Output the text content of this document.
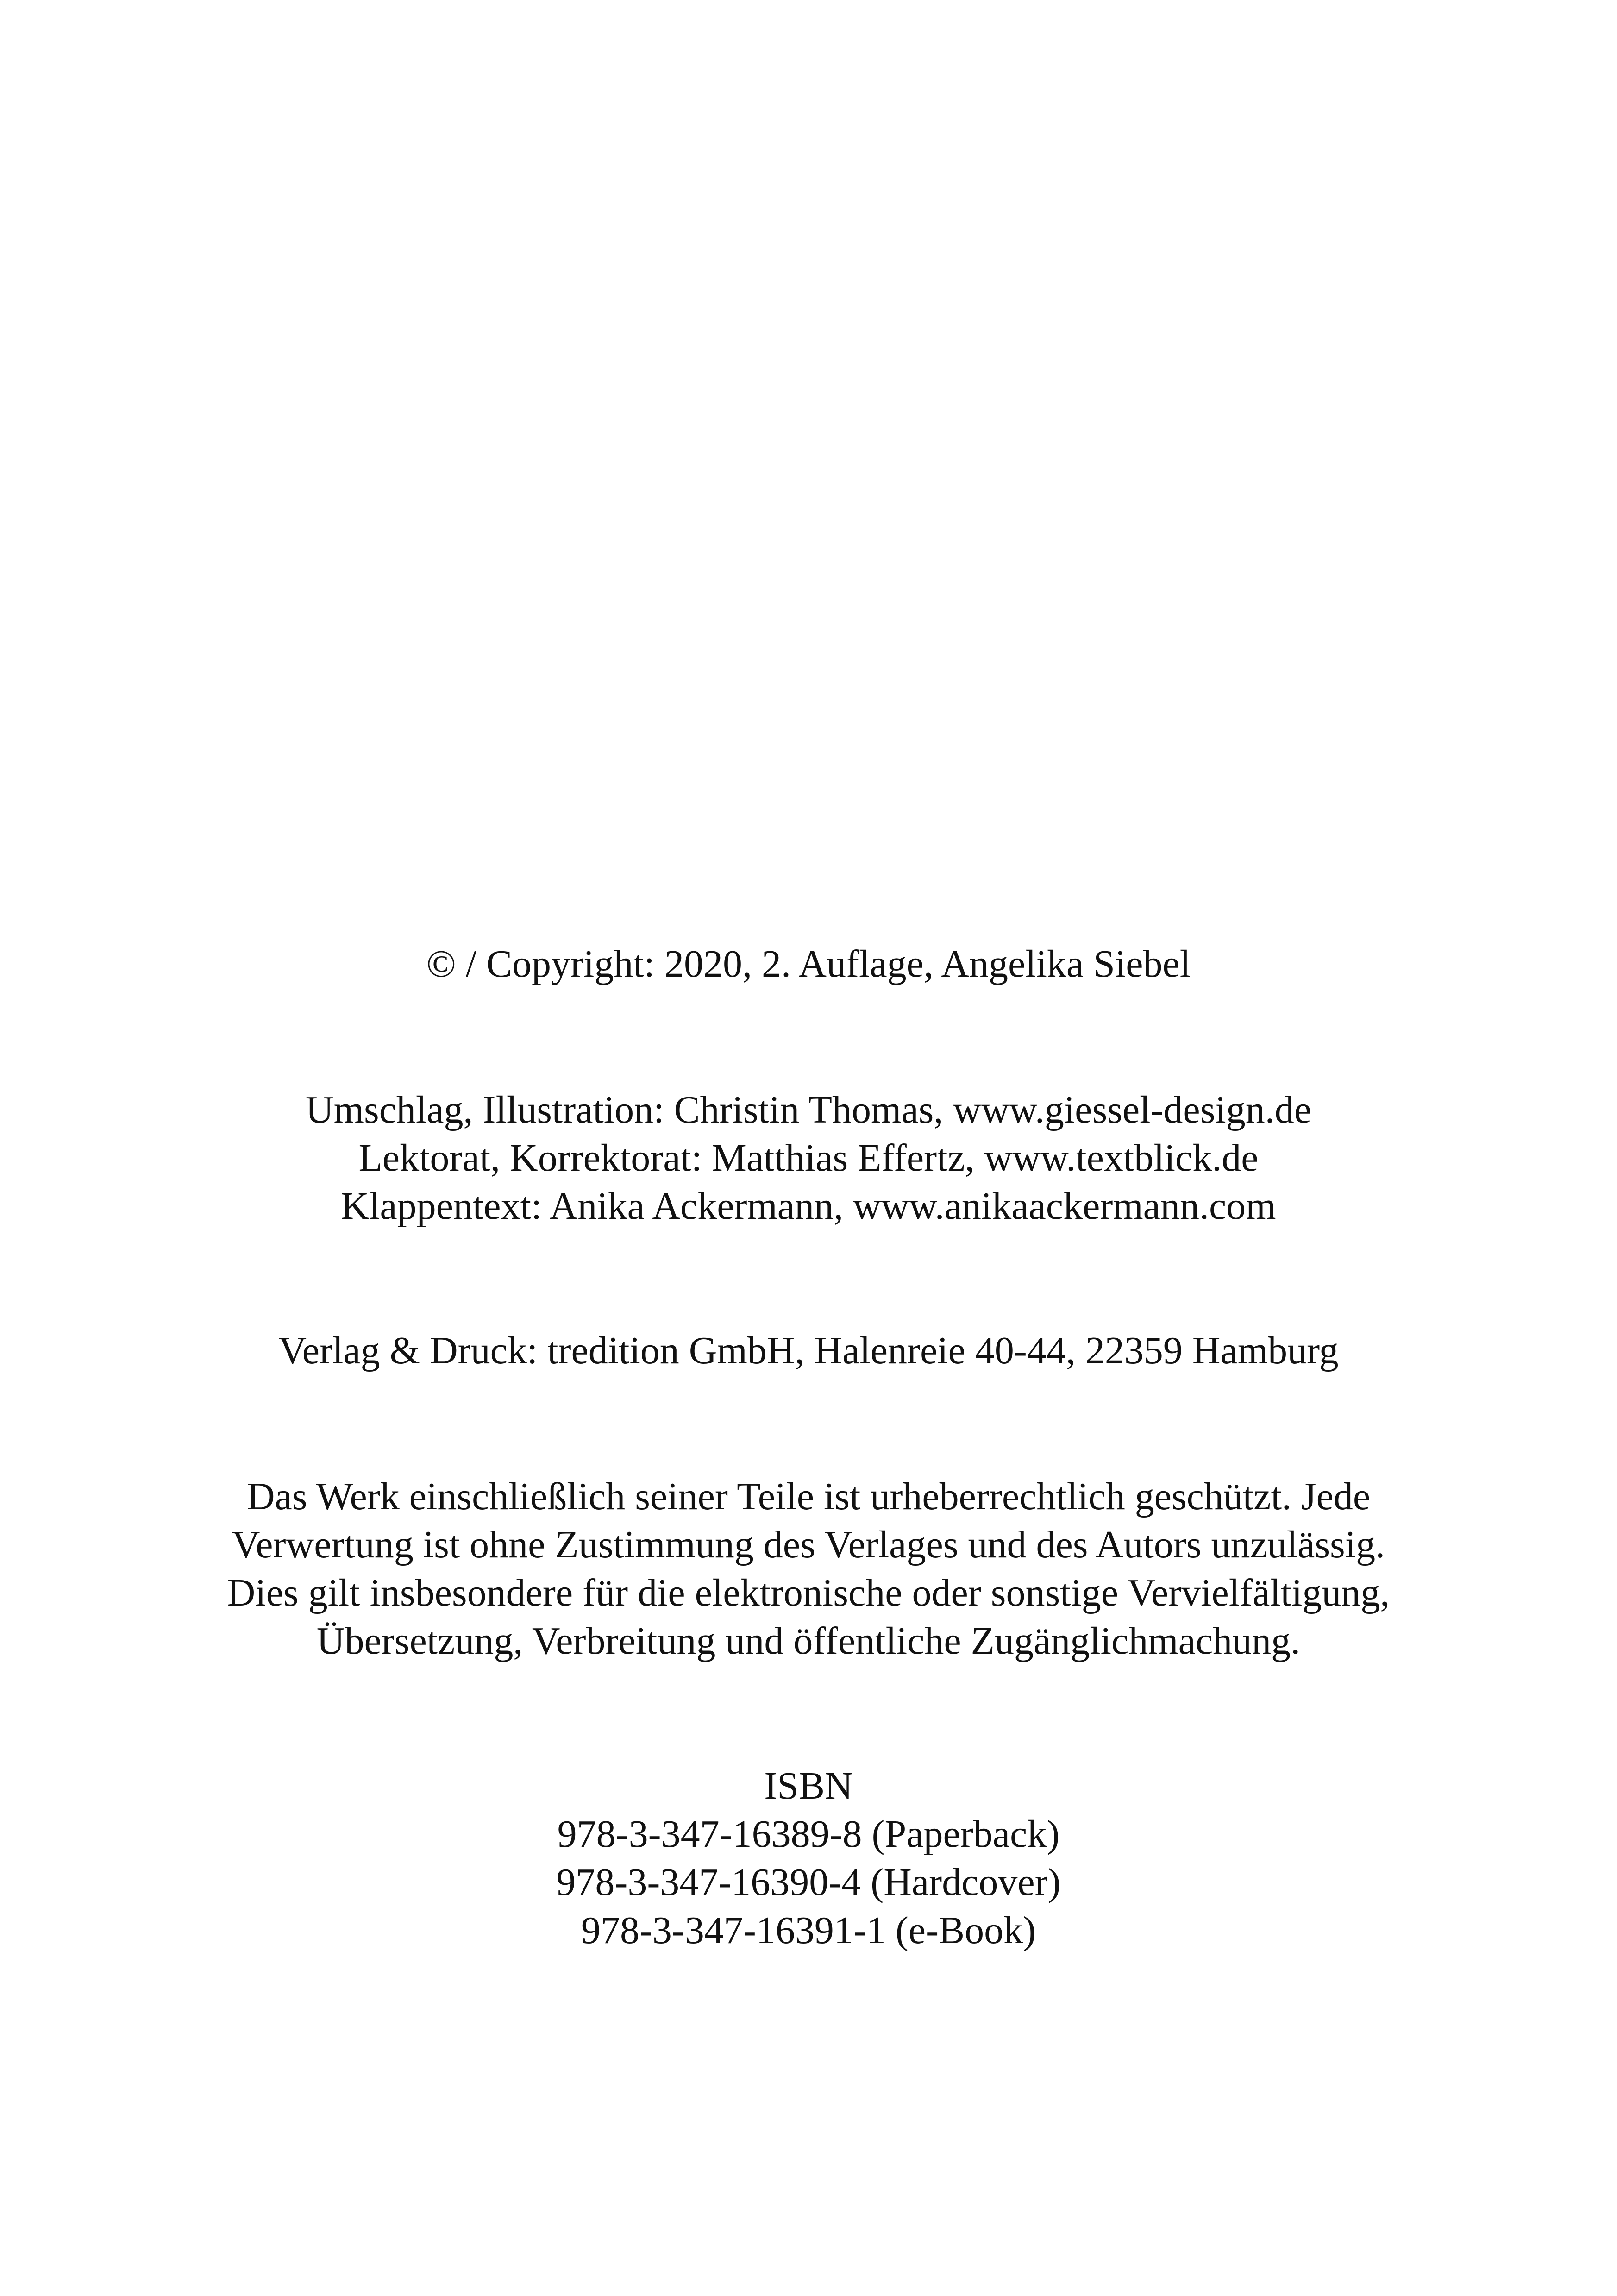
© / Copyright: 2020, 2. Auflage, Angelika Siebel

Umschlag, Illustration: Christin Thomas, www.giessel-design.de
Lektorat, Korrektorat: Matthias Effertz, www.textblick.de
Klappentext: Anika Ackermann, www.anikaackermann.com

Verlag & Druck: tredition GmbH, Halenreie 40-44, 22359 Hamburg

Das Werk einschließlich seiner Teile ist urheberrechtlich geschützt. Jede
Verwertung ist ohne Zustimmung des Verlages und des Autors unzulässig.
Dies gilt insbesondere für die elektronische oder sonstige Vervielfältigung,
Übersetzung, Verbreitung und öffentliche Zugänglichmachung.

ISBN
978-3-347-16389-8 (Paperback)
978-3-347-16390-4 (Hardcover)
978-3-347-16391-1 (e-Book)
